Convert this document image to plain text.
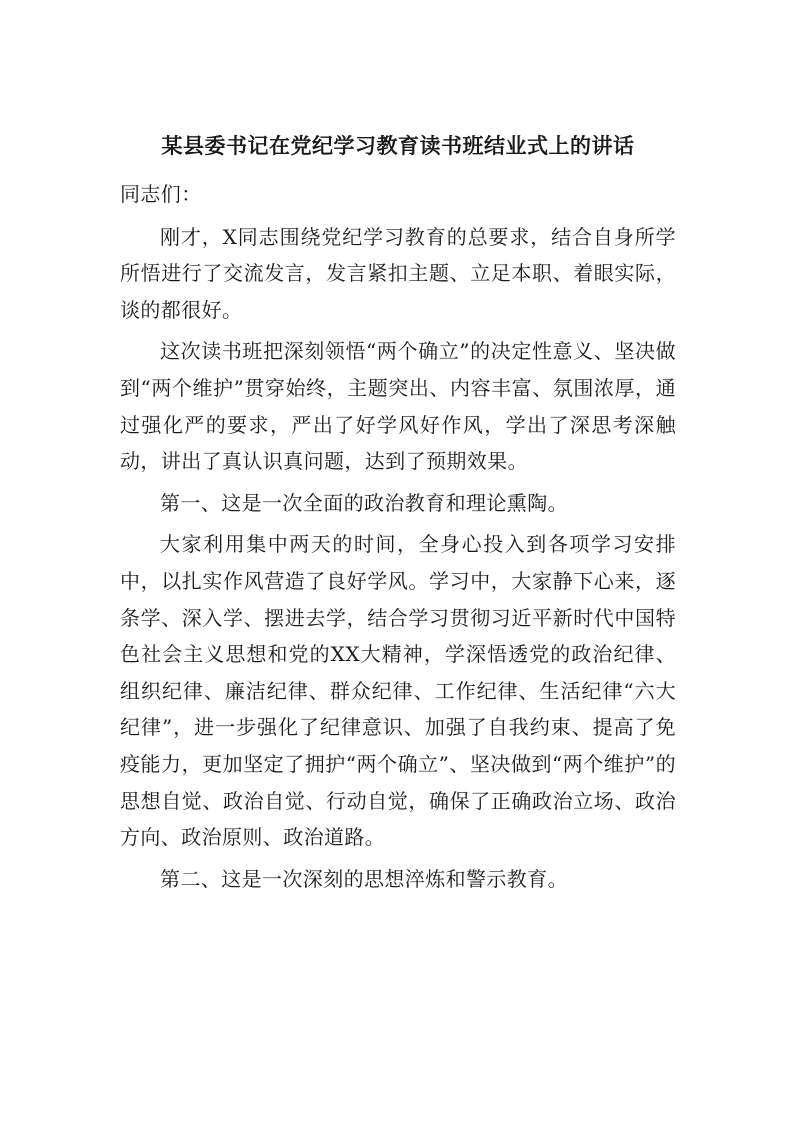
某县委书记在党纪学习教育读书班结业式上的讲话

同志们：

刚才，X同志围绕党纪学习教育的总要求，结合自身所学所悟进行了交流发言，发言紧扣主题、立足本职、着眼实际，谈的都很好。

这次读书班把深刻领悟“两个确立”的决定性意义、坚决做到“两个维护”贯穿始终，主题突出、内容丰富、氛围浓厚，通过强化严的要求，严出了好学风好作风，学出了深思考深触动，讲出了真认识真问题，达到了预期效果。

第一、这是一次全面的政治教育和理论熏陶。

大家利用集中两天的时间，全身心投入到各项学习安排中，以扎实作风营造了良好学风。学习中，大家静下心来，逐条学、深入学、摆进去学，结合学习贯彻习近平新时代中国特色社会主义思想和党的XX大精神，学深悟透党的政治纪律、组织纪律、廉洁纪律、群众纪律、工作纪律、生活纪律“六大纪律”，进一步强化了纪律意识、加强了自我约束、提高了免疫能力，更加坚定了拥护“两个确立”、坚决做到“两个维护”的思想自觉、政治自觉、行动自觉，确保了正确政治立场、政治方向、政治原则、政治道路。

第二、这是一次深刻的思想淬炼和警示教育。
